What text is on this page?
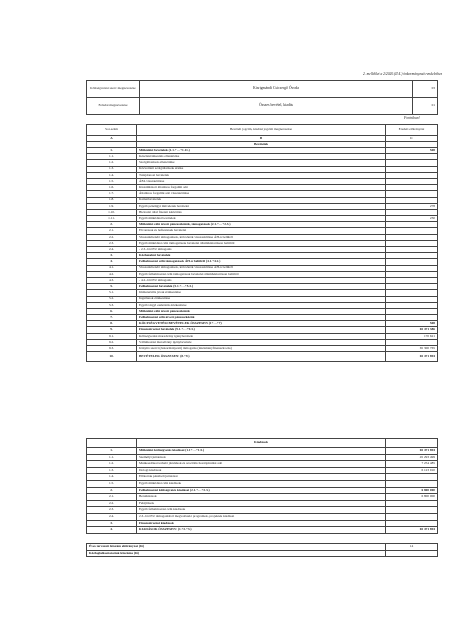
2. melléklet a 2/2020.(II.4.) önkormányzati rendelethez
Költségvetési szerv megnevezése	Kisrigmándi Csicsergő Óvoda	03
Feladat megnevezése	Összes bevétel, kiadás	01
Forintban!
Sor-szám	Bevételi jogcím, kiadási jogcím megnevezése	Eredeti előirányzat
A	B	C
	Bevételek	
1.	Működési bevételek (1.1.+…+1.11.)	508
1.1.	Készletértékesítés ellenértéke	
1.2.	Szolgáltatások ellenértéke	
1.3.	Közvetített szolgáltatások értéke	
1.4.	Tulajdonosi bevételek	
1.5.	ÁFA visszatérítése	
1.6.	Kiszámlázott általános forgalmi adó	
1.7.	Általános forgalmi adó visszatérítése	
1.8.	Kamatbevételek	
1.9.	Egyéb pénzügyi műveletek bevételei	278
1.10.	Biztosító által fizetett kártérítés	
1.11.	Egyéb működési bevételek	230
2.	Működési célú átvett pénzeszközök, támogatások (2.1.+…+2.3.)	
2.1.	Elvonások és befizetések bevételei	
2.2.	Visszatérítendő támogatások, kölcsönök visszatérülése ÁH-n belülről	
2.3.	Egyéb működési célú támogatások bevételei államháztartáson belülről	
2.4.	- 2.3.-ból EU támogatás	
3.	Közhatalmi bevételek	
4.	Felhalmozási célú támogatások ÁH-n belülről (4.1.+4.2.)	
4.1.	Visszatérítendő támogatások, kölcsönök visszatérülése ÁH-n belülről	
4.2.	Egyéb felhalmozási célú támogatások bevételei államháztartáson belülről	
4.3.	- 4.2.-ből EU támogatás	
5.	Felhalmozási bevételek (5.1.+…+5.3.)	
5.1.	Immateriális javak értékesítése	
5.2.	Ingatlanok értékesítése	
5.3.	Egyéb tárgyi eszközök értékesítése	
6.	Működési célú átvett pénzeszközök	
7.	Felhalmozási célú átvett pénzeszközök	
8.	KÖLTSÉGVETÉSI BEVÉTELEK ÖSSZESEN (1+…+7)	508
9.	Finanszírozási bevételek (9.1.+…+9.3.)	65 471 386
9.1.	Költségvetési maradvány igénybevétele	170 621
9.2.	Vállalkozási maradvány igénybevétele	
9.3.	Irányító szervi (önkormányzati) támogatás (intézményfinanszírozás)	65 300 765
10.	BEVÉTELEK ÖSSZESEN: (8.+9.)	65 471 894
	Kiadások	
1.	Működési költségvetés kiadásai (1.1+…+1.5.)	65 471 894
1.1.	Személyi juttatások	45 293 499
1.2.	Munkaadókat terhelő járulékok és szociális hozzájárulási adó	7 254 485
1.3.	Dologi kiadások	6 123 910
1.4.	Ellátottak pénzbeli juttatásai	
1.5.	Egyéb működési célú kiadások	
2.	Felhalmozási költségvetés kiadásai (2.1.+…+2.3.)	6 800 000
2.1.	Beruházások	6 800 000
2.2.	Felújítások	
2.3.	Egyéb felhalmozási célú kiadások	
2.4.	2.3.-ból EU támogatásból megvalósuló programok, projektek kiadásai	
3.	Finanszírozási kiadások	
4.	KIADÁSOK ÖSSZESEN: (1.+2.+3.)	65 471 894
Éves tervezett létszám előirányzat (fő)	14
Közfoglalkoztatottak létszáma (fő)	
